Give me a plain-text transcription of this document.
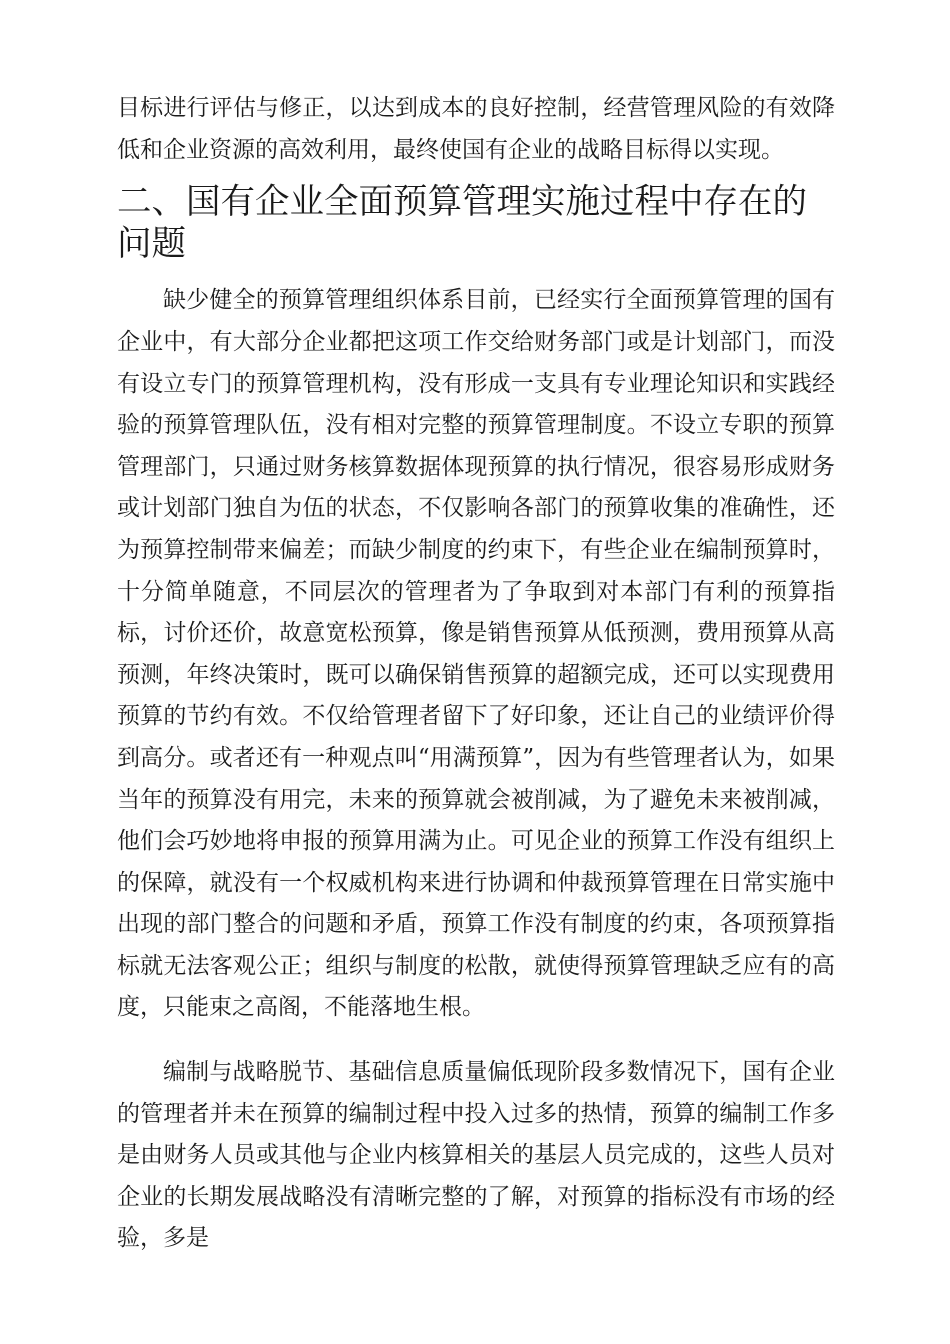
目标进行评估与修正，以达到成本的良好控制，经营管理风险的有效降低和企业资源的高效利用，最终使国有企业的战略目标得以实现。

二、国有企业全面预算管理实施过程中存在的问题

缺少健全的预算管理组织体系目前，已经实行全面预算管理的国有企业中，有大部分企业都把这项工作交给财务部门或是计划部门，而没有设立专门的预算管理机构，没有形成一支具有专业理论知识和实践经验的预算管理队伍，没有相对完整的预算管理制度。不设立专职的预算管理部门，只通过财务核算数据体现预算的执行情况，很容易形成财务或计划部门独自为伍的状态，不仅影响各部门的预算收集的准确性，还为预算控制带来偏差；而缺少制度的约束下，有些企业在编制预算时，十分简单随意，不同层次的管理者为了争取到对本部门有利的预算指标，讨价还价，故意宽松预算，像是销售预算从低预测，费用预算从高预测，年终决策时，既可以确保销售预算的超额完成，还可以实现费用预算的节约有效。不仅给管理者留下了好印象，还让自己的业绩评价得到高分。或者还有一种观点叫“用满预算”，因为有些管理者认为，如果当年的预算没有用完，未来的预算就会被削减，为了避免未来被削减，他们会巧妙地将申报的预算用满为止。可见企业的预算工作没有组织上的保障，就没有一个权威机构来进行协调和仲裁预算管理在日常实施中出现的部门整合的问题和矛盾，预算工作没有制度的约束，各项预算指标就无法客观公正；组织与制度的松散，就使得预算管理缺乏应有的高度，只能束之高阁，不能落地生根。

编制与战略脱节、基础信息质量偏低现阶段多数情况下，国有企业的管理者并未在预算的编制过程中投入过多的热情，预算的编制工作多是由财务人员或其他与企业内核算相关的基层人员完成的，这些人员对企业的长期发展战略没有清晰完整的了解，对预算的指标没有市场的经验，多是
